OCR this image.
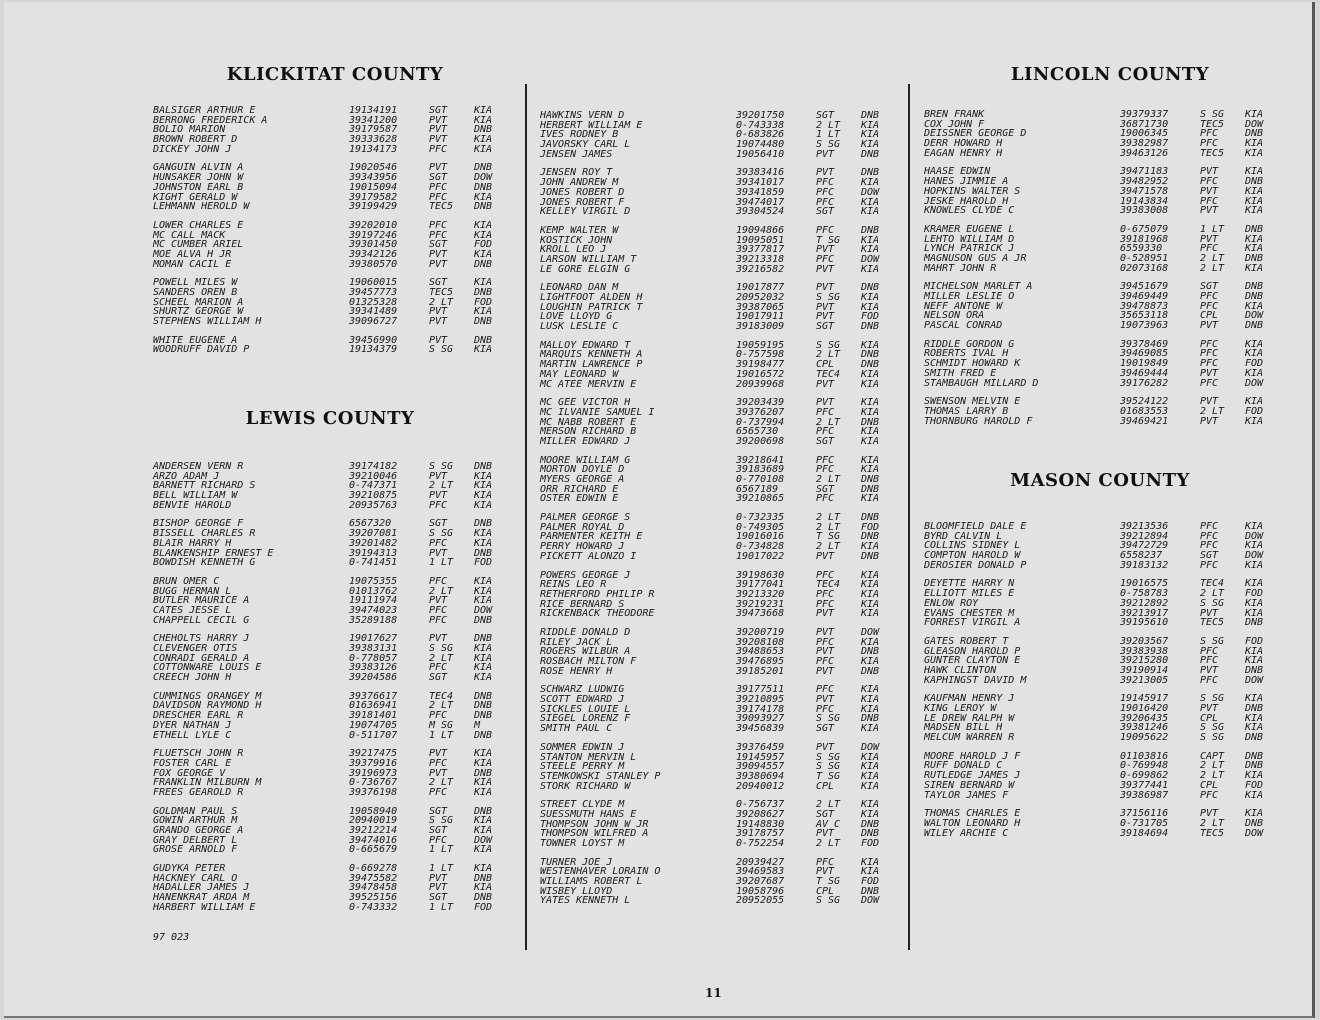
KLICKITAT COUNTY
BALSIGER ARTHUR E	19134191	SGT	KIA
BERRONG FREDERICK A	39341200	PVT	KIA
BOLIO MARION	39179587	PVT	DNB
BROWN ROBERT D	39333628	PVT	KIA
DICKEY JOHN J	19134173	PFC	KIA
GANGUIN ALVIN A	19020546	PVT	DNB
HUNSAKER JOHN W	39343956	SGT	DOW
JOHNSTON EARL B	19015094	PFC	DNB
KIGHT GERALD W	39179582	PFC	KIA
LEHMANN HEROLD W	39199429	TEC5 DNB
LOWER CHARLES E	39202010	PFC	KIA
MC CALL MACK	39197246	PFC	KIA
MC CUMBER ARIEL	39301450	SGT	FOD
MOE ALVA H JR	39342126	PVT	KIA
MOMAN CACIL E	39380570	PVT	DNB
POWELL MILES W	19060015	SGT	KIA
SANDERS OREN B	39457773	TEC5 DNB
SCHEEL MARION A	01325328	2 LT FOD
SHURTZ GEORGE W	39341489	PVT	KIA
STEPHENS WILLIAM H	39096727	PVT	DNB
WHITE EUGENE A	39456990	PVT	DNB
WOODRUFF DAVID P	19134379	S SG KIA
LEWIS COUNTY
ANDERSEN VERN R	39174182	S SG DNB
ARZO ADAM J	39210046	PVT	KIA
BARNETT RICHARD S	0-747371	2 LT KIA
BELL WILLIAM W	39210875	PVT	KIA
BENVIE HAROLD	20935763	PFC	KIA
BISHOP GEORGE F	6567320	SGT	DNB
BISSELL CHARLES R	39207081	S SG KIA
BLAIR HARRY H	39201482	PFC	KIA
BLANKENSHIP ERNEST E	39194313	PVT	DNB
BOWDISH KENNETH G	0-741451	1 LT FOD
BRUN OMER C	19075355	PFC	KIA
BUGG HERMAN L	01013762	2 LT KIA
BUTLER MAURICE A	19111974	PVT	KIA
CATES JESSE L	39474023	PFC	DOW
CHAPPELL CECIL G	35289188	PFC	DNB
CHEHOLTS HARRY J	19017627	PVT	DNB
CLEVENGER OTIS	39383131	S SG KIA
CONRADI GERALD A	0-778057	2 LT KIA
COTTONWARE LOUIS E	39383126	PFC	KIA
CREECH JOHN H	39204586	SGT	KIA
CUMMINGS ORANGEY M	39376617	TEC4 DNB
DAVIDSON RAYMOND H	01636941	2 LT DNB
DRESCHER EARL R	39181401	PFC	DNB
DYER NATHAN J	19074705	M SG M
ETHELL LYLE C	0-511707	1 LT DNB
FLUETSCH JOHN R	39217475	PVT	KIA
FOSTER CARL E	39379916	PFC	KIA
FOX GEORGE V	39196973	PVT	DNB
FRANKLIN MILBURN M	0-736767	2 LT KIA
FREES GEAROLD R	39376198	PFC	KIA
GOLDMAN PAUL S	19058940	SGT	DNB
GOWIN ARTHUR M	20940019	S SG KIA
GRANDO GEORGE A	39212214	SGT	KIA
GRAY DELBERT L	39474016	PFC	DOW
GROSE ARNOLD F	0-665679	1 LT KIA
GUDYKA PETER	0-669278	1 LT KIA
HACKNEY CARL O	39475582	PVT	DNB
HADALLER JAMES J	39478458	PVT	KIA
HANENKRAT ARDA M	39525156	SGT	DNB
HARBERT WILLIAM E	0-743332	1 LT FOD
97 023
HAWKINS VERN D	39201750	SGT	DNB
HERBERT WILLIAM E	0-743338	2 LT KIA
IVES RODNEY B	0-683826	1 LT KIA
JAVORSKY CARL L	19074480	S SG KIA
JENSEN JAMES	19056410	PVT	DNB
JENSEN ROY T	39383416	PVT	DNB
JOHN ANDREW M	39341017	PFC	KIA
JONES ROBERT D	39341859	PFC	DOW
JONES ROBERT F	39474017	PFC	KIA
KELLEY VIRGIL D	39304524	SGT	KIA
KEMP WALTER W	19094866	PFC	DNB
KOSTICK JOHN	19095051	T SG KIA
KROLL LEO J	39377817	PVT	KIA
LARSON WILLIAM T	39213318	PFC	DOW
LE GORE ELGIN G	39216582	PVT	KIA
LEONARD DAN M	19017877	PVT	DNB
LIGHTFOOT ALDEN H	20952032	S SG KIA
LOUGHIN PATRICK T	39387065	PVT	KIA
LOVE LLOYD G	19017911	PVT	FOD
LUSK LESLIE C	39183009	SGT	DNB
MALLOY EDWARD T	19059195	S SG KIA
MARQUIS KENNETH A	0-757598	2 LT DNB
MARTIN LAWRENCE P	39198477	CPL	DNB
MAY LEONARD W	19016572	TEC4 KIA
MC ATEE MERVIN E	20939968	PVT	KIA
MC GEE VICTOR H	39203439	PVT	KIA
MC ILVANIE SAMUEL I	39376207	PFC	KIA
MC NABB ROBERT E	0-737994	2 LT DNB
MERSON RICHARD B	6565730	PFC	KIA
MILLER EDWARD J	39200698	SGT	KIA
MOORE WILLIAM G	39218641	PFC	KIA
MORTON DOYLE D	39183689	PFC	KIA
MYERS GEORGE A	0-770108	2 LT DNB
ORR RICHARD E	6567189	SGT	DNB
OSTER EDWIN E	39210865	PFC	KIA
PALMER GEORGE S	0-732335	2 LT DNB
PALMER ROYAL D	0-749305	2 LT FOD
PARMENTER KEITH E	19016016	T SG DNB
PERRY HOWARD J	0-734828	2 LT KIA
PICKETT ALONZO I	19017022	PVT	DNB
POWERS GEORGE J	39198630	PFC	KIA
REINS LEO R	39177041	TEC4 KIA
RETHERFORD PHILIP R	39213320	PFC	KIA
RICE BERNARD S	39219231	PFC	KIA
RICKENBACK THEODORE	39473668	PVT	KIA
RIDDLE DONALD D	39200719	PVT	DOW
RILEY JACK L	39208108	PFC	KIA
ROGERS WILBUR A	39488653	PVT	DNB
ROSBACH MILTON F	39476895	PFC	KIA
ROSE HENRY H	39185201	PVT	DNB
SCHWARZ LUDWIG	39177511	PFC	KIA
SCOTT EDWARD J	39210895	PVT	KIA
SICKLES LOUIE L	39174178	PFC	KIA
SIEGEL LORENZ F	39093927	S SG DNB
SMITH PAUL C	39456839	SGT	KIA
SOMMER EDWIN J	39376459	PVT	DOW
STANTON MERVIN L	19145957	S SG KIA
STEELE PERRY M	39094557	S SG KIA
STEMKOWSKI STANLEY P	39380694	T SG KIA
STORK RICHARD W	20940012	CPL	KIA
STREET CLYDE M	0-756737	2 LT KIA
SUESSMUTH HANS E	39208627	SGT	KIA
THOMPSON JOHN W JR	19148830	AV C DNB
THOMPSON WILFRED A	39178757	PVT	DNB
TOWNER LOYST M	0-752254	2 LT FOD
TURNER JOE J	20939427	PFC	KIA
WESTENHAVER LORAIN O	39469583	PVT	KIA
WILLIAMS ROBERT L	39207687	T SG FOD
WISBEY LLOYD	19058796	CPL	DNB
YATES KENNETH L	20952055	S SG DOW
LINCOLN COUNTY
BREN FRANK	39379337	S SG KIA
COX JOHN F	36871730	TEC5 DOW
DEISSNER GEORGE D	19006345	PFC	DNB
DERR HOWARD H	39382987	PFC	KIA
EAGAN HENRY H	39463126	TEC5 KIA
HAASE EDWIN	39471183	PVT	KIA
HANES JIMMIE A	39482952	PFC	DNB
HOPKINS WALTER S	39471578	PVT	KIA
JESKE HAROLD H	19143834	PFC	KIA
KNOWLES CLYDE C	39383008	PVT	KIA
KRAMER EUGENE L	0-675079	1 LT DNB
LEHTO WILLIAM D	39181968	PVT	KIA
LYNCH PATRICK J	6559330	PFC	KIA
MAGNUSON GUS A JR	0-528951	2 LT DNB
MAHRT JOHN R	02073168	2 LT KIA
MICHELSON MARLET A	39451679	SGT	DNB
MILLER LESLIE O	39469449	PFC	DNB
NEFF ANTONE W	39478873	PFC	KIA
NELSON ORA	35653118	CPL	DOW
PASCAL CONRAD	19073963	PVT	DNB
RIDDLE GORDON G	39378469	PFC	KIA
ROBERTS IVAL H	39469085	PFC	KIA
SCHMIDT HOWARD K	19019849	PFC	FOD
SMITH FRED E	39469444	PVT	KIA
STAMBAUGH MILLARD D	39176282	PFC	DOW
SWENSON MELVIN E	39524122	PVT	KIA
THOMAS LARRY B	01683553	2 LT FOD
THORNBURG HAROLD F	39469421	PVT	KIA
MASON COUNTY
BLOOMFIELD DALE E	39213536	PFC	KIA
BYRD CALVIN L	39212894	PFC	DOW
COLLINS SIDNEY L	39472729	PFC	KIA
COMPTON HAROLD W	6558237	SGT	DOW
DEROSIER DONALD P	39183132	PFC	KIA
DEYETTE HARRY N	19016575	TEC4 KIA
ELLIOTT MILES E	0-758783	2 LT FOD
ENLOW ROY	39212892	S SG KIA
EVANS CHESTER M	39213917	PVT	KIA
FORREST VIRGIL A	39195610	TEC5 DNB
GATES ROBERT T	39203567	S SG FOD
GLEASON HAROLD P	39383938	PFC	KIA
GUNTER CLAYTON E	39215280	PFC	KIA
HAWK CLINTON	39190914	PVT	DNB
KAPHINGST DAVID M	39213005	PFC	DOW
KAUFMAN HENRY J	19145917	S SG KIA
KING LEROY W	19016420	PVT	DNB
LE DREW RALPH W	39206435	CPL	KIA
MADSEN BILL H	39381246	S SG KIA
MELCUM WARREN R	19095622	S SG DNB
MOORE HAROLD J F	01103816	CAPT DNB
RUFF DONALD C	0-769948	2 LT DNB
RUTLEDGE JAMES J	0-699862	2 LT KIA
SIREN BERNARD W	39377441	CPL	FOD
TAYLOR JAMES F	39386987	PFC	KIA
THOMAS CHARLES E	37156116	PVT	KIA
WALTON LEONARD H	0-731705	2 LT DNB
WILEY ARCHIE C	39184694	TEC5 DOW
11
